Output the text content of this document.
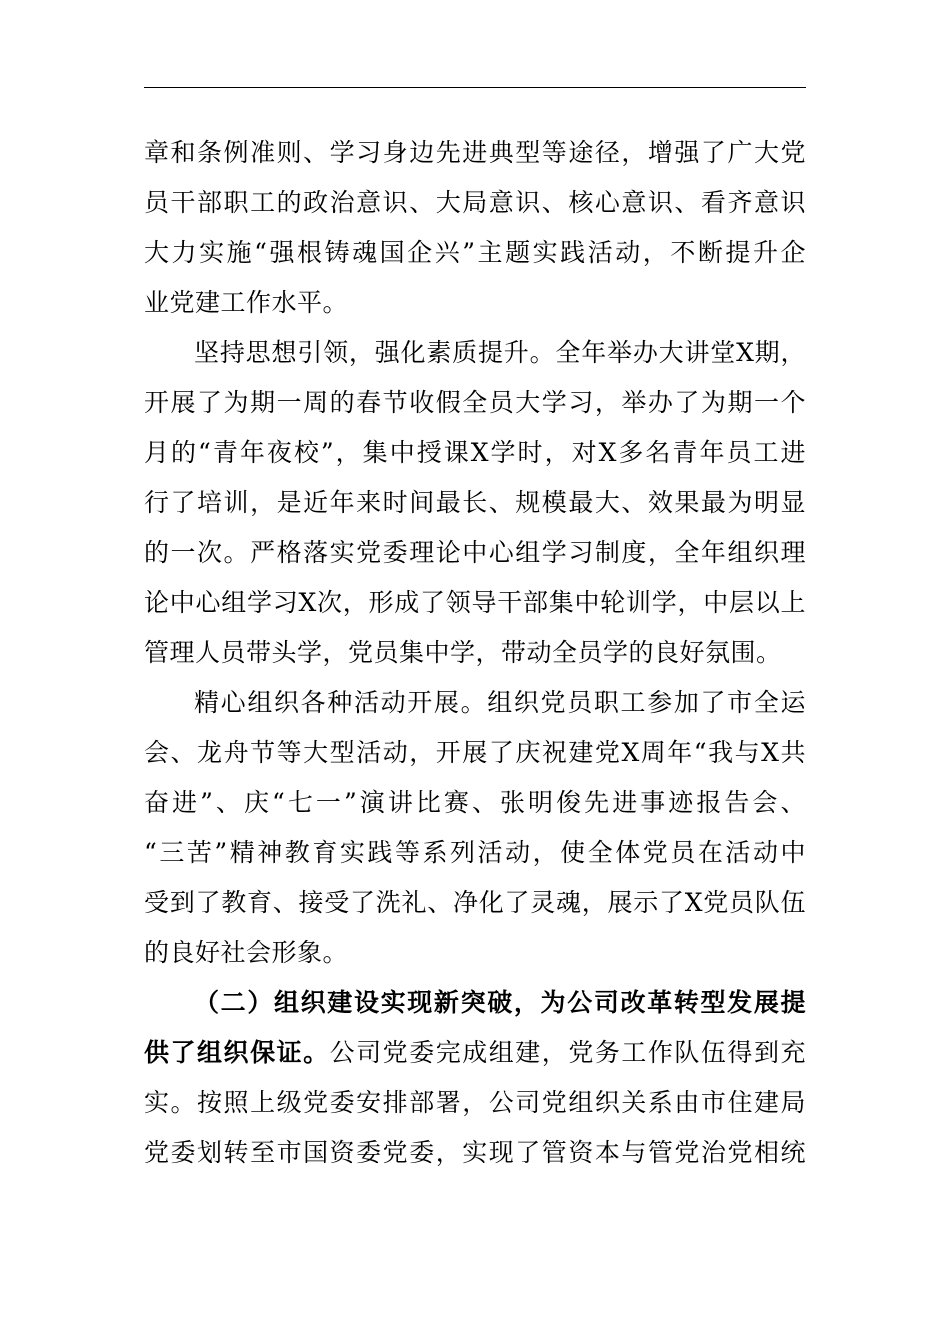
章和条例准则、学习身边先进典型等途径，增强了广大党
员干部职工的政治意识、大局意识、核心意识、看齐意识
大力实施“强根铸魂国企兴”主题实践活动，不断提升企
业党建工作水平。
坚持思想引领，强化素质提升。全年举办大讲堂X期，
开展了为期一周的春节收假全员大学习，举办了为期一个
月的“青年夜校”，集中授课X学时，对X多名青年员工进
行了培训，是近年来时间最长、规模最大、效果最为明显
的一次。严格落实党委理论中心组学习制度，全年组织理
论中心组学习X次，形成了领导干部集中轮训学，中层以上
管理人员带头学，党员集中学，带动全员学的良好氛围。
精心组织各种活动开展。组织党员职工参加了市全运
会、龙舟节等大型活动，开展了庆祝建党X周年“我与X共
奋进”、庆“七一”演讲比赛、张明俊先进事迹报告会、
“三苦”精神教育实践等系列活动，使全体党员在活动中
受到了教育、接受了洗礼、净化了灵魂，展示了X党员队伍
的良好社会形象。
（二）组织建设实现新突破，为公司改革转型发展提
供了组织保证。公司党委完成组建，党务工作队伍得到充
实。按照上级党委安排部署，公司党组织关系由市住建局
党委划转至市国资委党委，实现了管资本与管党治党相统
